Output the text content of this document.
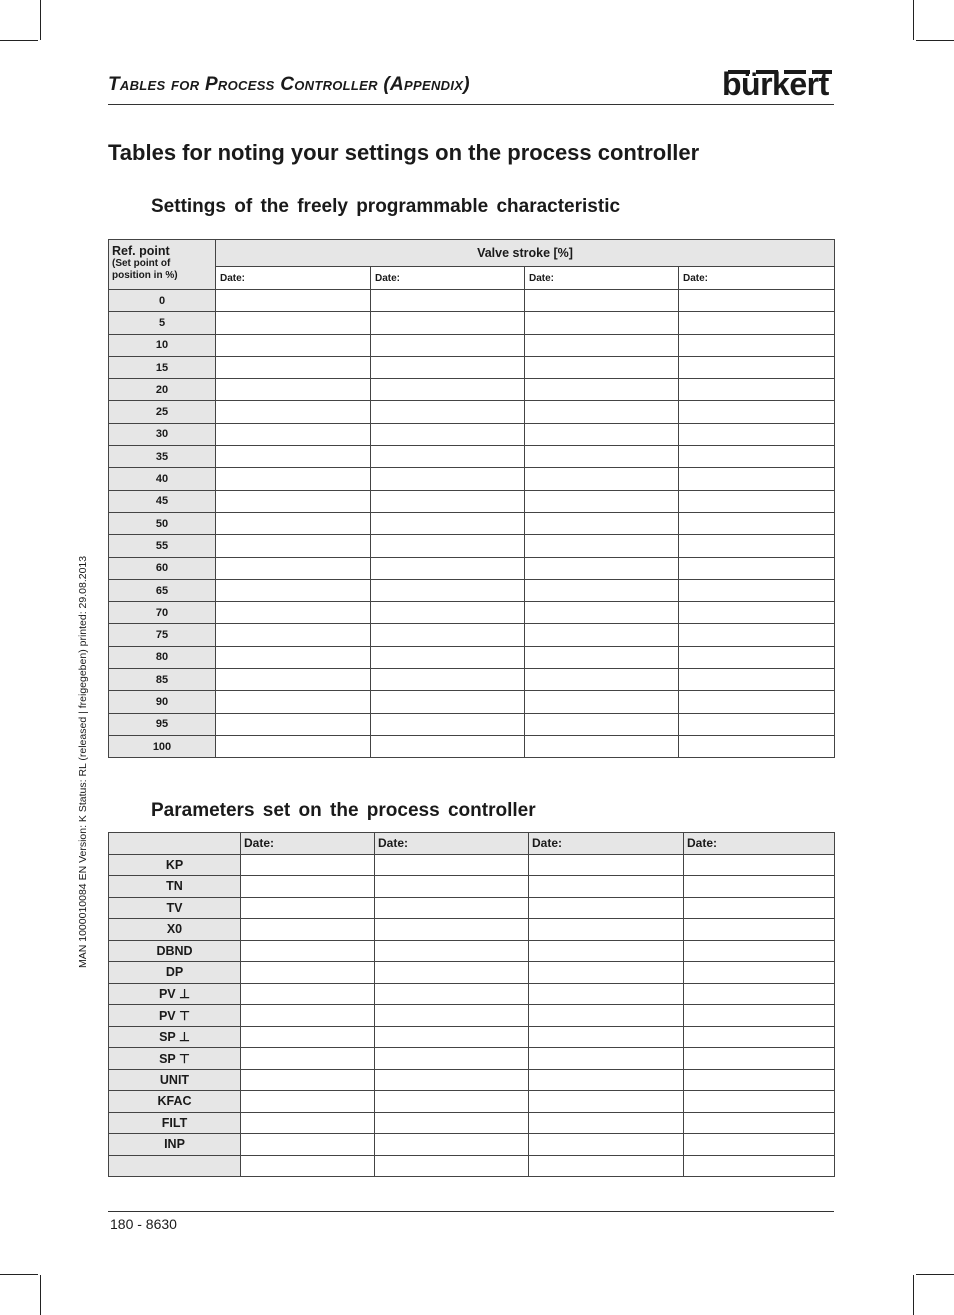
Tables for Process Controller (Appendix)	bürkert
Tables for noting your settings on the process controller
Settings of the freely programmable characteristic
MAN 1000010084 EN Version: K Status: RL (released | freigegeben) printed: 29.08.2013
Ref. point
(Set point of
position in %)	Valve stroke [%]			
	Date:	Date:	Date:	Date:
0				
5				
10				
15				
20				
25				
30				
35				
40				
45				
50				
55				
60				
65				
70				
75				
80				
85				
90				
95				
100				
Parameters set on the process controller
	Date:	Date:	Date:	Date:
KP				
TN				
TV				
X0				
DBND				
DP				
PV ⊥				
PV ⊤				
SP ⊥				
SP ⊤				
UNIT				
KFAC				
FILT				
INP				

180 - 8630
